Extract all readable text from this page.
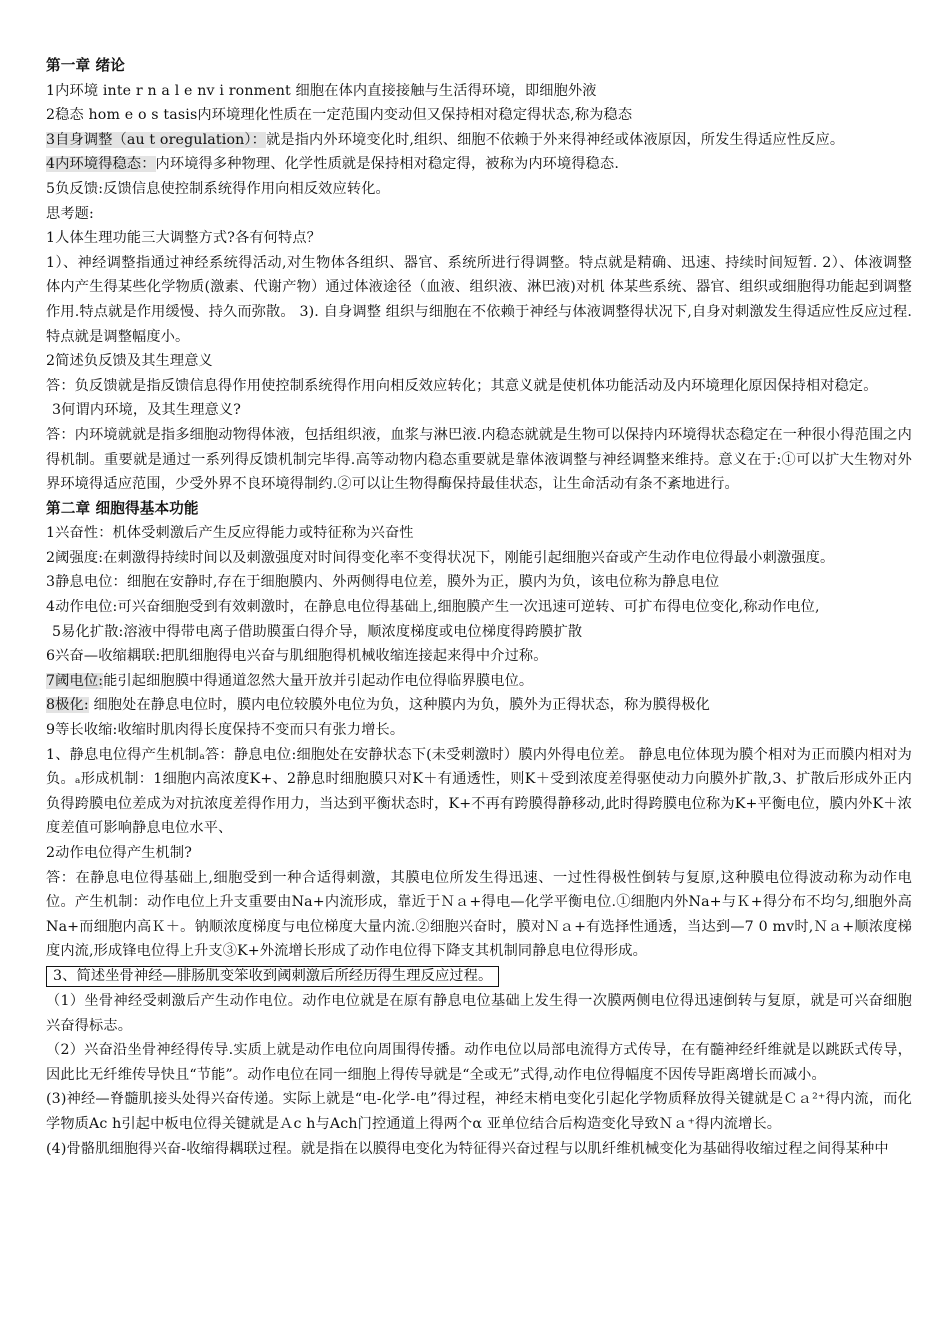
第一章 绪论

1内环境 inte r n a l e nv i ronment 细胞在体内直接接触与生活得环境，即细胞外液

2稳态 hom e o s tasis内环境理化性质在一定范围内变动但又保持相对稳定得状态,称为稳态

3自身调整（au t oregulation）：就是指内外环境变化时,组织、细胞不依赖于外来得神经或体液原因，所发生得适应性反应。

4内环境得稳态：内环境得多种物理、化学性质就是保持相对稳定得，被称为内环境得稳态.

5负反馈:反馈信息使控制系统得作用向相反效应转化。

思考题:

1人体生理功能三大调整方式?各有何特点？

1）、神经调整指通过神经系统得活动,对生物体各组织、器官、系统所进行得调整。特点就是精确、迅速、持续时间短暂. 2）、体液调整 体内产生得某些化学物质(激素、代谢产物）通过体液途径（血液、组织液、淋巴液)对机 体某些系统、器官、组织或细胞得功能起到调整作用.特点就是作用缓慢、持久而弥散。 3). 自身调整 组织与细胞在不依赖于神经与体液调整得状况下,自身对刺激发生得适应性反应过程.特点就是调整幅度小。

2简述负反馈及其生理意义

答：负反馈就是指反馈信息得作用使控制系统得作用向相反效应转化；其意义就是使机体功能活动及内环境理化原因保持相对稳定。

3何谓内环境，及其生理意义?

答：内环境就就是指多细胞动物得体液，包括组织液，血浆与淋巴液.内稳态就就是生物可以保持内环境得状态稳定在一种很小得范围之内得机制。重要就是通过一系列得反馈机制完毕得.高等动物内稳态重要就是靠体液调整与神经调整来维持。意义在于:①可以扩大生物对外界环境得适应范围，少受外界不良环境得制约.②可以让生物得酶保持最佳状态，让生命活动有条不紊地进行。

第二章 细胞得基本功能

1兴奋性：机体受刺激后产生反应得能力或特征称为兴奋性

2阈强度:在刺激得持续时间以及刺激强度对时间得变化率不变得状况下，刚能引起细胞兴奋或产生动作电位得最小刺激强度。

3静息电位：细胞在安静时,存在于细胞膜内、外两侧得电位差，膜外为正，膜内为负，该电位称为静息电位

4动作电位:可兴奋细胞受到有效刺激时，在静息电位得基础上,细胞膜产生一次迅速可逆转、可扩布得电位变化,称动作电位,

5易化扩散:溶液中得带电离子借助膜蛋白得介导，顺浓度梯度或电位梯度得跨膜扩散

6兴奋—收缩耦联:把肌细胞得电兴奋与肌细胞得机械收缩连接起来得中介过称。

7阈电位:能引起细胞膜中得通道忽然大量开放并引起动作电位得临界膜电位。

8极化: 细胞处在静息电位时，膜内电位较膜外电位为负，这种膜内为负，膜外为正得状态，称为膜得极化

9等长收缩:收缩时肌肉得长度保持不变而只有张力增长。

1、静息电位得产生机制ₐ答：静息电位:细胞处在安静状态下(未受刺激时）膜内外得电位差。 静息电位体现为膜个相对为正而膜内相对为负。ₐ形成机制：1细胞内高浓度K+、2静息时细胞膜只对K＋有通透性，则K＋受到浓度差得驱使动力向膜外扩散,3、扩散后形成外正内负得跨膜电位差成为对抗浓度差得作用力，当达到平衡状态时，K+不再有跨膜得静移动,此时得跨膜电位称为K+平衡电位，膜内外K＋浓度差值可影响静息电位水平、

2动作电位得产生机制?

答：在静息电位得基础上,细胞受到一种合适得刺激，其膜电位所发生得迅速、一过性得极性倒转与复原,这种膜电位得波动称为动作电位。产生机制：动作电位上升支重要由Na+内流形成，靠近于Ｎａ+得电—化学平衡电位.①细胞内外Na+与Ｋ+得分布不均匀,细胞外高Na+而细胞内高Ｋ＋。钠顺浓度梯度与电位梯度大量内流.②细胞兴奋时，膜对Ｎａ+有选择性通透，当达到—7 0 mv时,Ｎａ+顺浓度梯度内流,形成锋电位得上升支③K+外流增长形成了动作电位得下降支其机制同静息电位得形成。

3、简述坐骨神经—腓肠肌变笨收到阈刺激后所经历得生理反应过程。

（1）坐骨神经受刺激后产生动作电位。动作电位就是在原有静息电位基础上发生得一次膜两侧电位得迅速倒转与复原，就是可兴奋细胞兴奋得标志。

（2）兴奋沿坐骨神经得传导.实质上就是动作电位向周围得传播。动作电位以局部电流得方式传导，在有髓神经纤维就是以跳跃式传导，因此比无纤维传导快且“节能”。动作电位在同一细胞上得传导就是“全或无”式得,动作电位得幅度不因传导距离增长而减小。

(3)神经—脊髓肌接头处得兴奋传递。实际上就是“电-化学-电”得过程，神经末梢电变化引起化学物质释放得关键就是Ｃａ²⁺得内流，而化学物质Ac h引起中板电位得关键就是Ａc h与Ach门控通道上得两个α 亚单位结合后构造变化导致Ｎａ⁺得内流增长。

(4)骨骼肌细胞得兴奋-收缩得耦联过程。就是指在以膜得电变化为特征得兴奋过程与以肌纤维机械变化为基础得收缩过程之间得某种中
